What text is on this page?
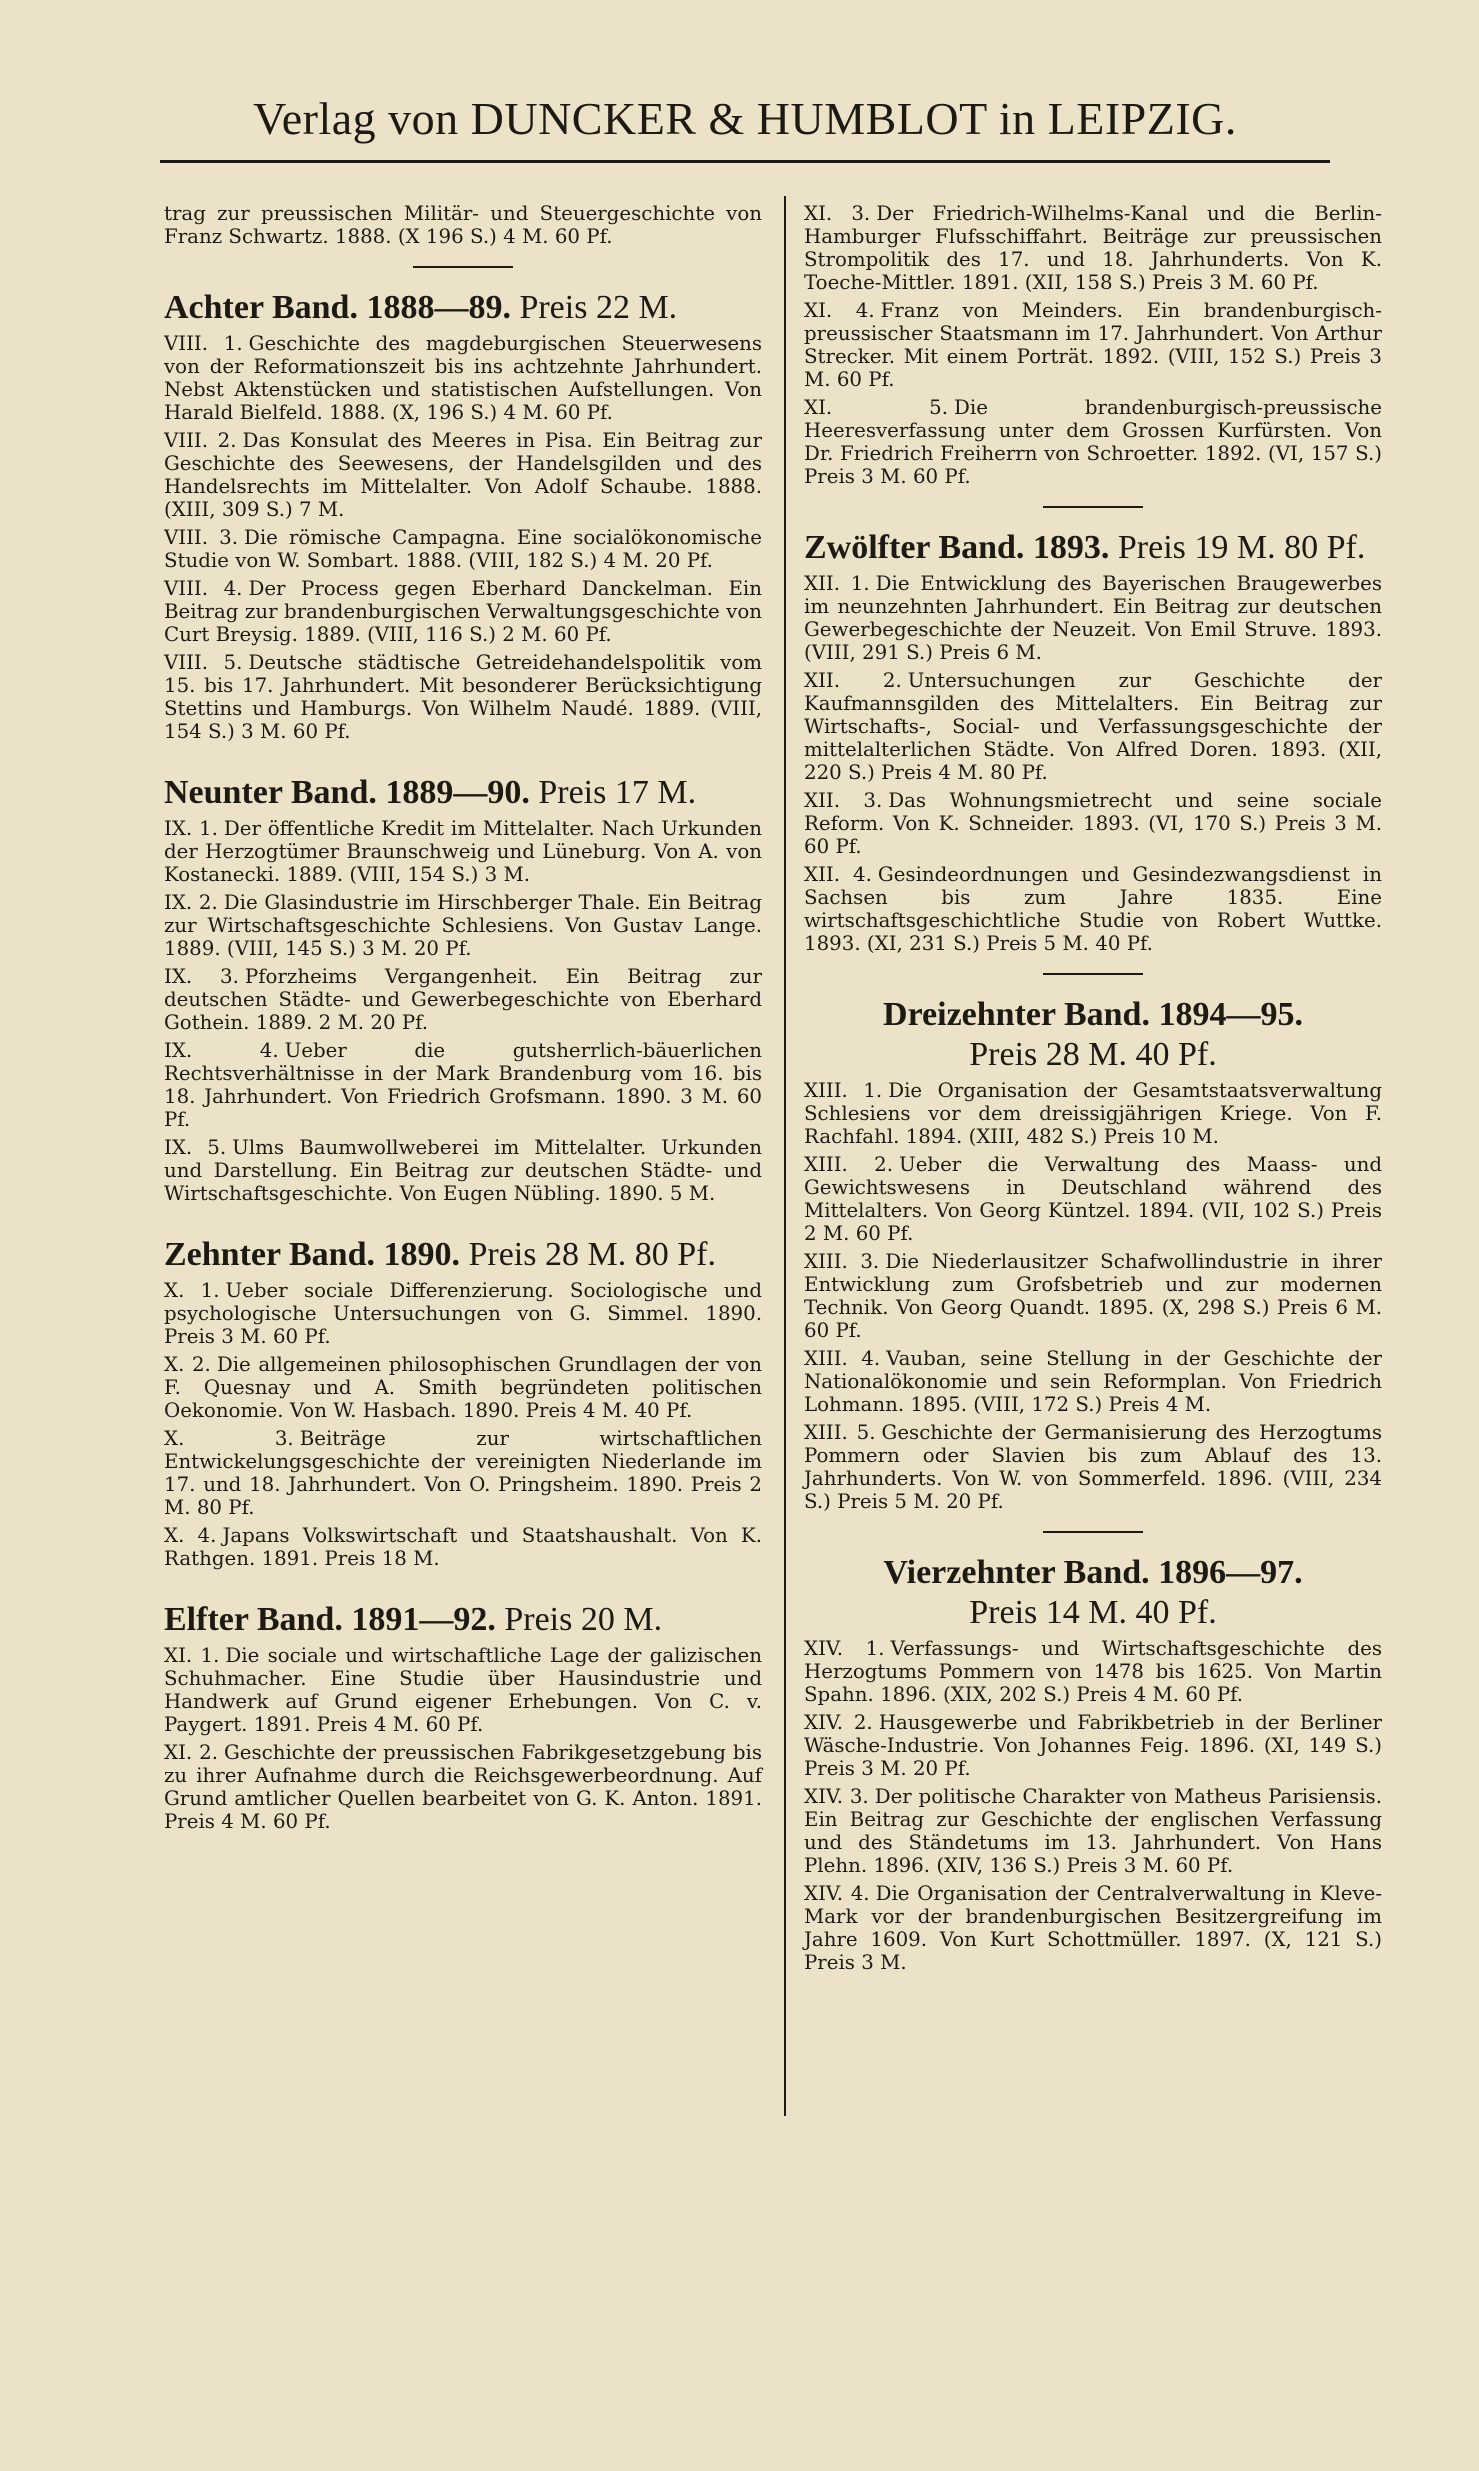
Verlag von DUNCKER & HUMBLOT in LEIPZIG.
trag zur preussischen Militär- und Steuergeschichte von Franz Schwartz. 1888. (X 196 S.) 4 M. 60 Pf.
Achter Band. 1888—89. Preis 22 M.
VIII. 1. Geschichte des magdeburgischen Steuerwesens von der Reformationszeit bis ins achtzehnte Jahrhundert. Nebst Aktenstücken und statistischen Aufstellungen. Von Harald Bielfeld. 1888. (X, 196 S.) 4 M. 60 Pf.
VIII. 2. Das Konsulat des Meeres in Pisa. Ein Beitrag zur Geschichte des Seewesens, der Handelsgilden und des Handelsrechts im Mittelalter. Von Adolf Schaube. 1888. (XIII, 309 S.) 7 M.
VIII. 3. Die römische Campagna. Eine socialökonomische Studie von W. Sombart. 1888. (VIII, 182 S.) 4 M. 20 Pf.
VIII. 4. Der Process gegen Eberhard Danckelman. Ein Beitrag zur brandenburgischen Verwaltungsgeschichte von Curt Breysig. 1889. (VIII, 116 S.) 2 M. 60 Pf.
VIII. 5. Deutsche städtische Getreidehandelspolitik vom 15. bis 17. Jahrhundert. Mit besonderer Berücksichtigung Stettins und Hamburgs. Von Wilhelm Naudé. 1889. (VIII, 154 S.) 3 M. 60 Pf.
Neunter Band. 1889—90. Preis 17 M.
IX. 1. Der öffentliche Kredit im Mittelalter. Nach Urkunden der Herzogtümer Braunschweig und Lüneburg. Von A. von Kostanecki. 1889. (VIII, 154 S.) 3 M.
IX. 2. Die Glasindustrie im Hirschberger Thale. Ein Beitrag zur Wirtschaftsgeschichte Schlesiens. Von Gustav Lange. 1889. (VIII, 145 S.) 3 M. 20 Pf.
IX. 3. Pforzheims Vergangenheit. Ein Beitrag zur deutschen Städte- und Gewerbegeschichte von Eberhard Gothein. 1889. 2 M. 20 Pf.
IX. 4. Ueber die gutsherrlich-bäuerlichen Rechtsverhältnisse in der Mark Brandenburg vom 16. bis 18. Jahrhundert. Von Friedrich Grofsmann. 1890. 3 M. 60 Pf.
IX. 5. Ulms Baumwollweberei im Mittelalter. Urkunden und Darstellung. Ein Beitrag zur deutschen Städte- und Wirtschaftsgeschichte. Von Eugen Nübling. 1890. 5 M.
Zehnter Band. 1890. Preis 28 M. 80 Pf.
X. 1. Ueber sociale Differenzierung. Sociologische und psychologische Untersuchungen von G. Simmel. 1890. Preis 3 M. 60 Pf.
X. 2. Die allgemeinen philosophischen Grundlagen der von F. Quesnay und A. Smith begründeten politischen Oekonomie. Von W. Hasbach. 1890. Preis 4 M. 40 Pf.
X. 3. Beiträge zur wirtschaftlichen Entwickelungsgeschichte der vereinigten Niederlande im 17. und 18. Jahrhundert. Von O. Pringsheim. 1890. Preis 2 M. 80 Pf.
X. 4. Japans Volkswirtschaft und Staatshaushalt. Von K. Rathgen. 1891. Preis 18 M.
Elfter Band. 1891—92. Preis 20 M.
XI. 1. Die sociale und wirtschaftliche Lage der galizischen Schuhmacher. Eine Studie über Hausindustrie und Handwerk auf Grund eigener Erhebungen. Von C. v. Paygert. 1891. Preis 4 M. 60 Pf.
XI. 2. Geschichte der preussischen Fabrikgesetzgebung bis zu ihrer Aufnahme durch die Reichsgewerbeordnung. Auf Grund amtlicher Quellen bearbeitet von G. K. Anton. 1891. Preis 4 M. 60 Pf.
XI. 3. Der Friedrich-Wilhelms-Kanal und die Berlin-Hamburger Flufsschiffahrt. Beiträge zur preussischen Strompolitik des 17. und 18. Jahrhunderts. Von K. Toeche-Mittler. 1891. (XII, 158 S.) Preis 3 M. 60 Pf.
XI. 4. Franz von Meinders. Ein brandenburgisch-preussischer Staatsmann im 17. Jahrhundert. Von Arthur Strecker. Mit einem Porträt. 1892. (VIII, 152 S.) Preis 3 M. 60 Pf.
XI. 5. Die brandenburgisch-preussische Heeresverfassung unter dem Grossen Kurfürsten. Von Dr. Friedrich Freiherrn von Schroetter. 1892. (VI, 157 S.) Preis 3 M. 60 Pf.
Zwölfter Band. 1893. Preis 19 M. 80 Pf.
XII. 1. Die Entwicklung des Bayerischen Braugewerbes im neunzehnten Jahrhundert. Ein Beitrag zur deutschen Gewerbegeschichte der Neuzeit. Von Emil Struve. 1893. (VIII, 291 S.) Preis 6 M.
XII. 2. Untersuchungen zur Geschichte der Kaufmannsgilden des Mittelalters. Ein Beitrag zur Wirtschafts-, Social- und Verfassungsgeschichte der mittelalterlichen Städte. Von Alfred Doren. 1893. (XII, 220 S.) Preis 4 M. 80 Pf.
XII. 3. Das Wohnungsmietrecht und seine sociale Reform. Von K. Schneider. 1893. (VI, 170 S.) Preis 3 M. 60 Pf.
XII. 4. Gesindeordnungen und Gesindezwangsdienst in Sachsen bis zum Jahre 1835. Eine wirtschaftsgeschichtliche Studie von Robert Wuttke. 1893. (XI, 231 S.) Preis 5 M. 40 Pf.
Dreizehnter Band. 1894—95.
Preis 28 M. 40 Pf.
XIII. 1. Die Organisation der Gesamtstaatsverwaltung Schlesiens vor dem dreissigjährigen Kriege. Von F. Rachfahl. 1894. (XIII, 482 S.) Preis 10 M.
XIII. 2. Ueber die Verwaltung des Maass- und Gewichtswesens in Deutschland während des Mittelalters. Von Georg Küntzel. 1894. (VII, 102 S.) Preis 2 M. 60 Pf.
XIII. 3. Die Niederlausitzer Schafwollindustrie in ihrer Entwicklung zum Grofsbetrieb und zur modernen Technik. Von Georg Quandt. 1895. (X, 298 S.) Preis 6 M. 60 Pf.
XIII. 4. Vauban, seine Stellung in der Geschichte der Nationalökonomie und sein Reformplan. Von Friedrich Lohmann. 1895. (VIII, 172 S.) Preis 4 M.
XIII. 5. Geschichte der Germanisierung des Herzogtums Pommern oder Slavien bis zum Ablauf des 13. Jahrhunderts. Von W. von Sommerfeld. 1896. (VIII, 234 S.) Preis 5 M. 20 Pf.
Vierzehnter Band. 1896—97.
Preis 14 M. 40 Pf.
XIV. 1. Verfassungs- und Wirtschaftsgeschichte des Herzogtums Pommern von 1478 bis 1625. Von Martin Spahn. 1896. (XIX, 202 S.) Preis 4 M. 60 Pf.
XIV. 2. Hausgewerbe und Fabrikbetrieb in der Berliner Wäsche-Industrie. Von Johannes Feig. 1896. (XI, 149 S.) Preis 3 M. 20 Pf.
XIV. 3. Der politische Charakter von Matheus Parisiensis. Ein Beitrag zur Geschichte der englischen Verfassung und des Ständetums im 13. Jahrhundert. Von Hans Plehn. 1896. (XIV, 136 S.) Preis 3 M. 60 Pf.
XIV. 4. Die Organisation der Centralverwaltung in Kleve-Mark vor der brandenburgischen Besitzergreifung im Jahre 1609. Von Kurt Schottmüller. 1897. (X, 121 S.) Preis 3 M.
